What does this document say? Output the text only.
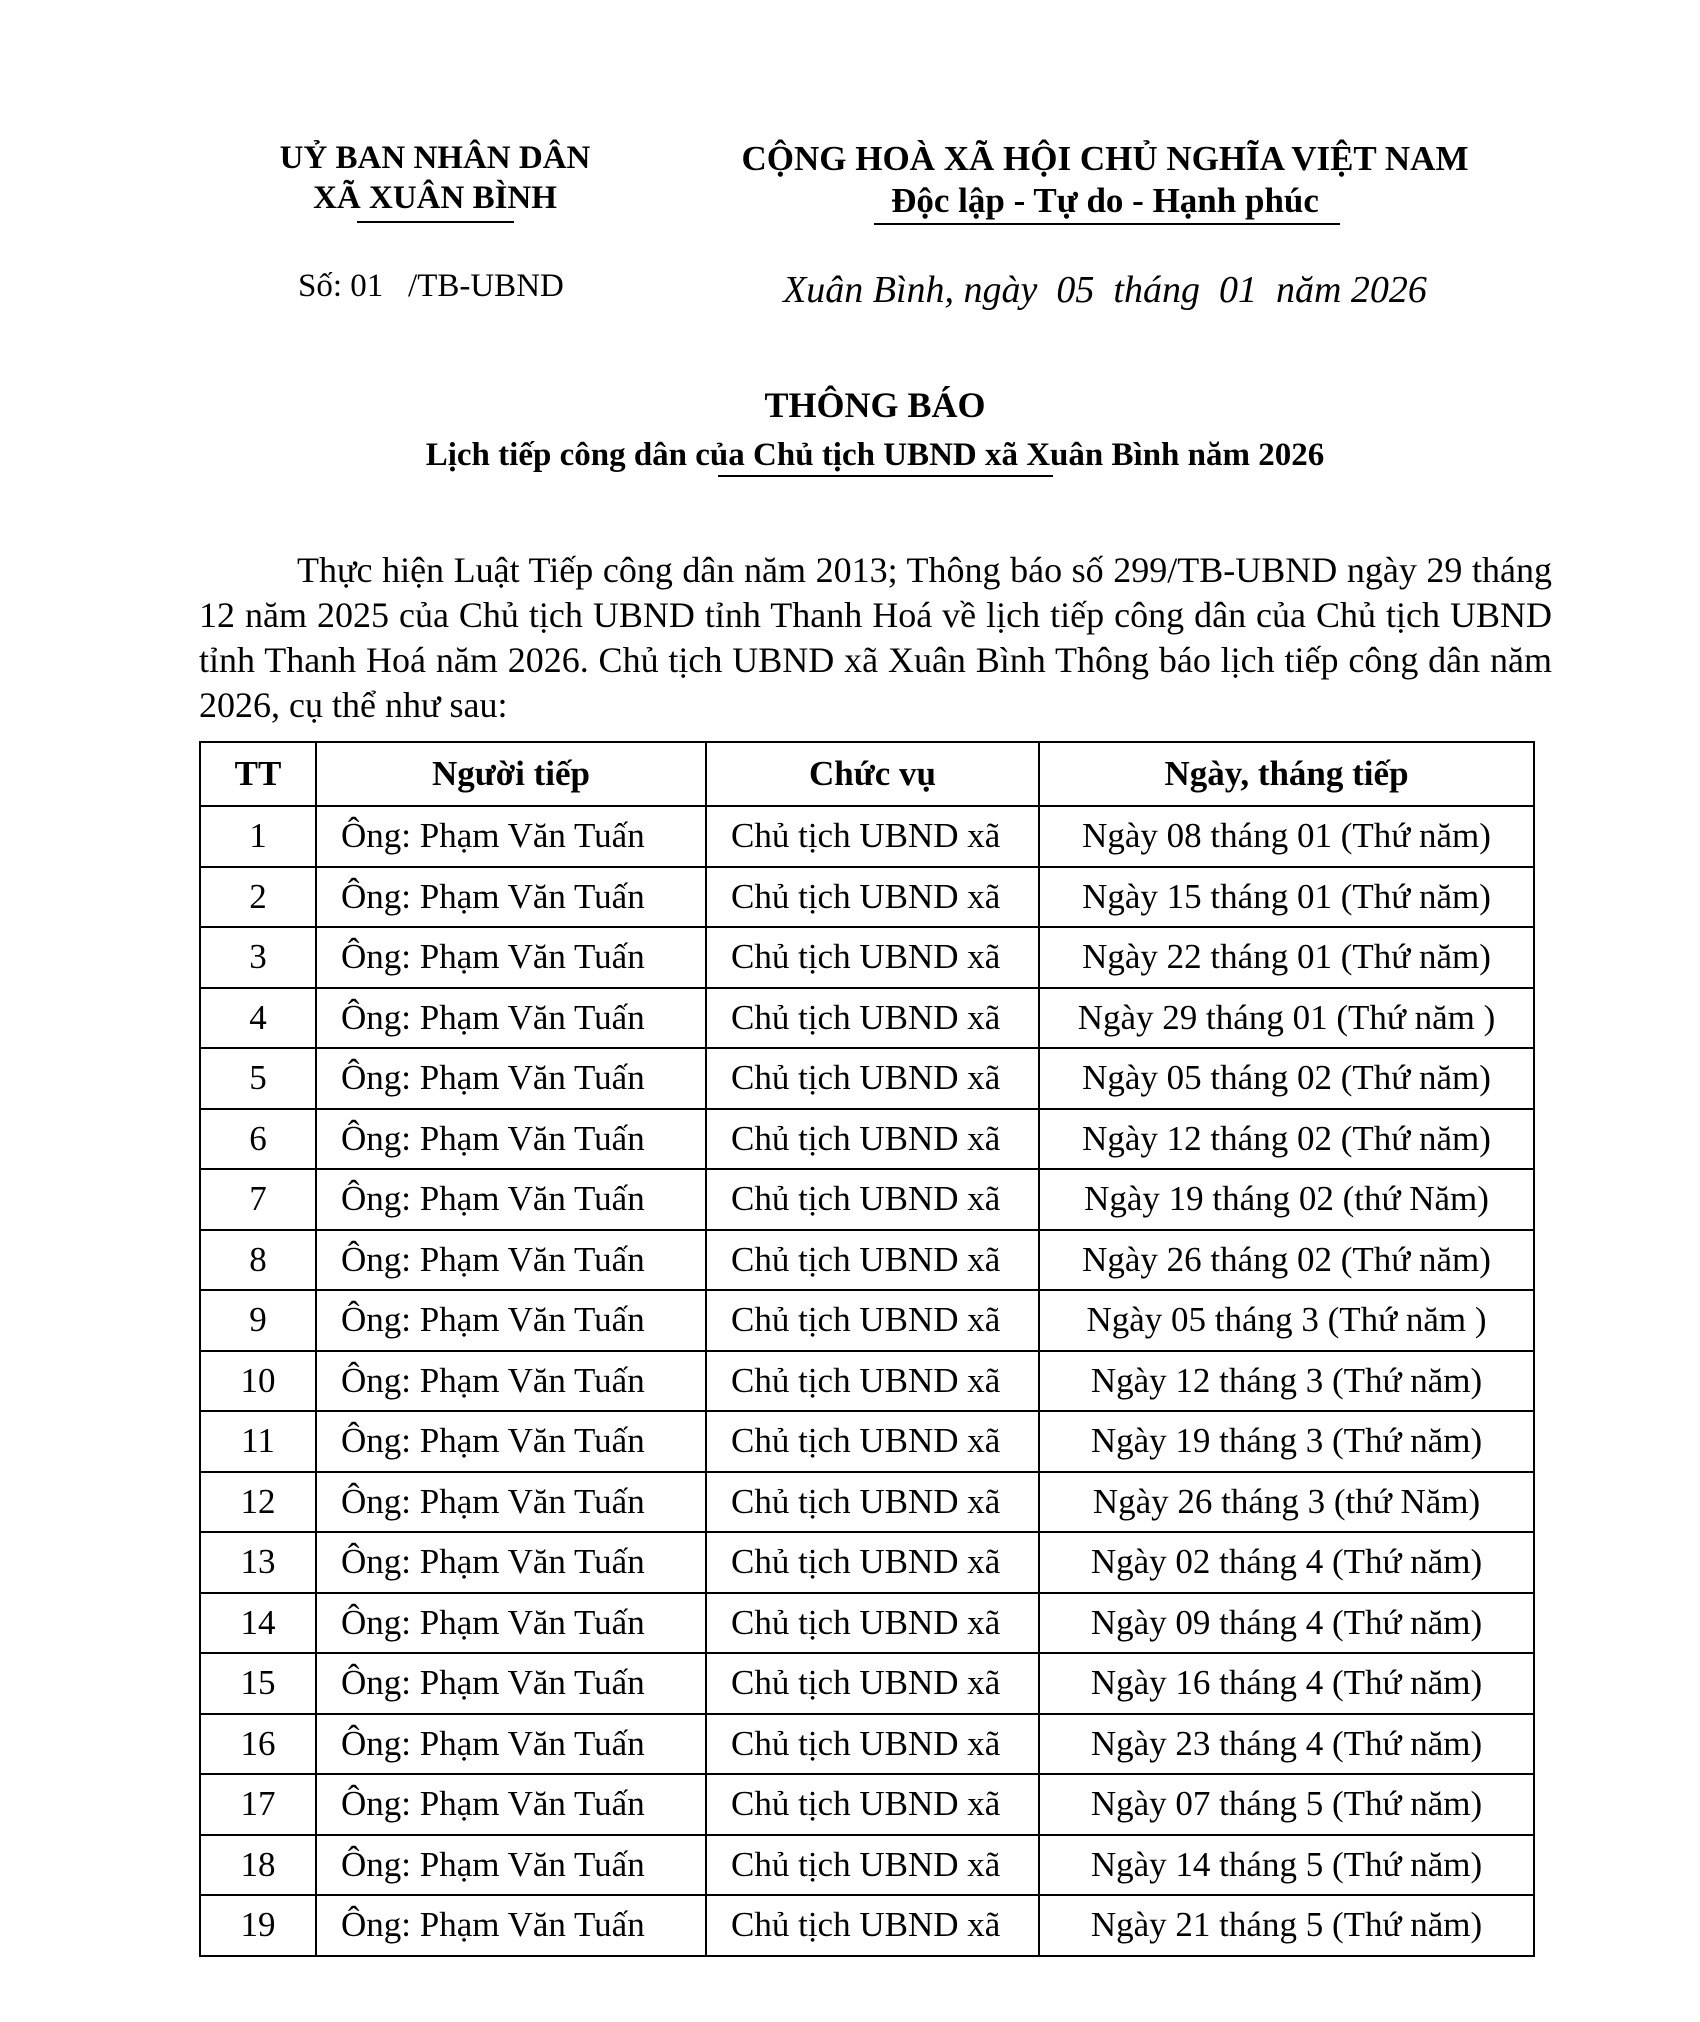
UỶ BAN NHÂN DÂN
XÃ XUÂN BÌNH
CỘNG HOÀ XÃ HỘI CHỦ NGHĨA VIỆT NAM
Độc lập - Tự do - Hạnh phúc
Số: 01   /TB-UBND	Xuân Bình, ngày  05  tháng  01  năm 2026
THÔNG BÁO
Lịch tiếp công dân của Chủ tịch UBND xã Xuân Bình năm 2026
Thực hiện Luật Tiếp công dân năm 2013; Thông báo số 299/TB-UBND ngày 29 tháng 12 năm 2025 của Chủ tịch UBND tỉnh Thanh Hoá về lịch tiếp công dân của Chủ tịch UBND tỉnh Thanh Hoá năm 2026. Chủ tịch UBND xã Xuân Bình Thông báo lịch tiếp công dân năm 2026, cụ thể như sau:
TT	Người tiếp	Chức vụ	Ngày, tháng tiếp
1	Ông: Phạm Văn Tuấn	Chủ tịch UBND xã	Ngày 08 tháng 01 (Thứ năm)
2	Ông: Phạm Văn Tuấn	Chủ tịch UBND xã	Ngày 15 tháng 01 (Thứ năm)
3	Ông: Phạm Văn Tuấn	Chủ tịch UBND xã	Ngày 22 tháng 01 (Thứ năm)
4	Ông: Phạm Văn Tuấn	Chủ tịch UBND xã	Ngày 29 tháng 01 (Thứ năm )
5	Ông: Phạm Văn Tuấn	Chủ tịch UBND xã	Ngày 05 tháng 02 (Thứ năm)
6	Ông: Phạm Văn Tuấn	Chủ tịch UBND xã	Ngày 12 tháng 02 (Thứ năm)
7	Ông: Phạm Văn Tuấn	Chủ tịch UBND xã	Ngày 19 tháng 02 (thứ Năm)
8	Ông: Phạm Văn Tuấn	Chủ tịch UBND xã	Ngày 26 tháng 02 (Thứ năm)
9	Ông: Phạm Văn Tuấn	Chủ tịch UBND xã	Ngày 05 tháng 3 (Thứ năm )
10	Ông: Phạm Văn Tuấn	Chủ tịch UBND xã	Ngày 12 tháng 3 (Thứ năm)
11	Ông: Phạm Văn Tuấn	Chủ tịch UBND xã	Ngày 19 tháng 3 (Thứ năm)
12	Ông: Phạm Văn Tuấn	Chủ tịch UBND xã	Ngày 26 tháng 3 (thứ Năm)
13	Ông: Phạm Văn Tuấn	Chủ tịch UBND xã	Ngày 02 tháng 4 (Thứ năm)
14	Ông: Phạm Văn Tuấn	Chủ tịch UBND xã	Ngày 09 tháng 4 (Thứ năm)
15	Ông: Phạm Văn Tuấn	Chủ tịch UBND xã	Ngày 16 tháng 4 (Thứ năm)
16	Ông: Phạm Văn Tuấn	Chủ tịch UBND xã	Ngày 23 tháng 4 (Thứ năm)
17	Ông: Phạm Văn Tuấn	Chủ tịch UBND xã	Ngày 07 tháng 5 (Thứ năm)
18	Ông: Phạm Văn Tuấn	Chủ tịch UBND xã	Ngày 14 tháng 5 (Thứ năm)
19	Ông: Phạm Văn Tuấn	Chủ tịch UBND xã	Ngày 21 tháng 5 (Thứ năm)
